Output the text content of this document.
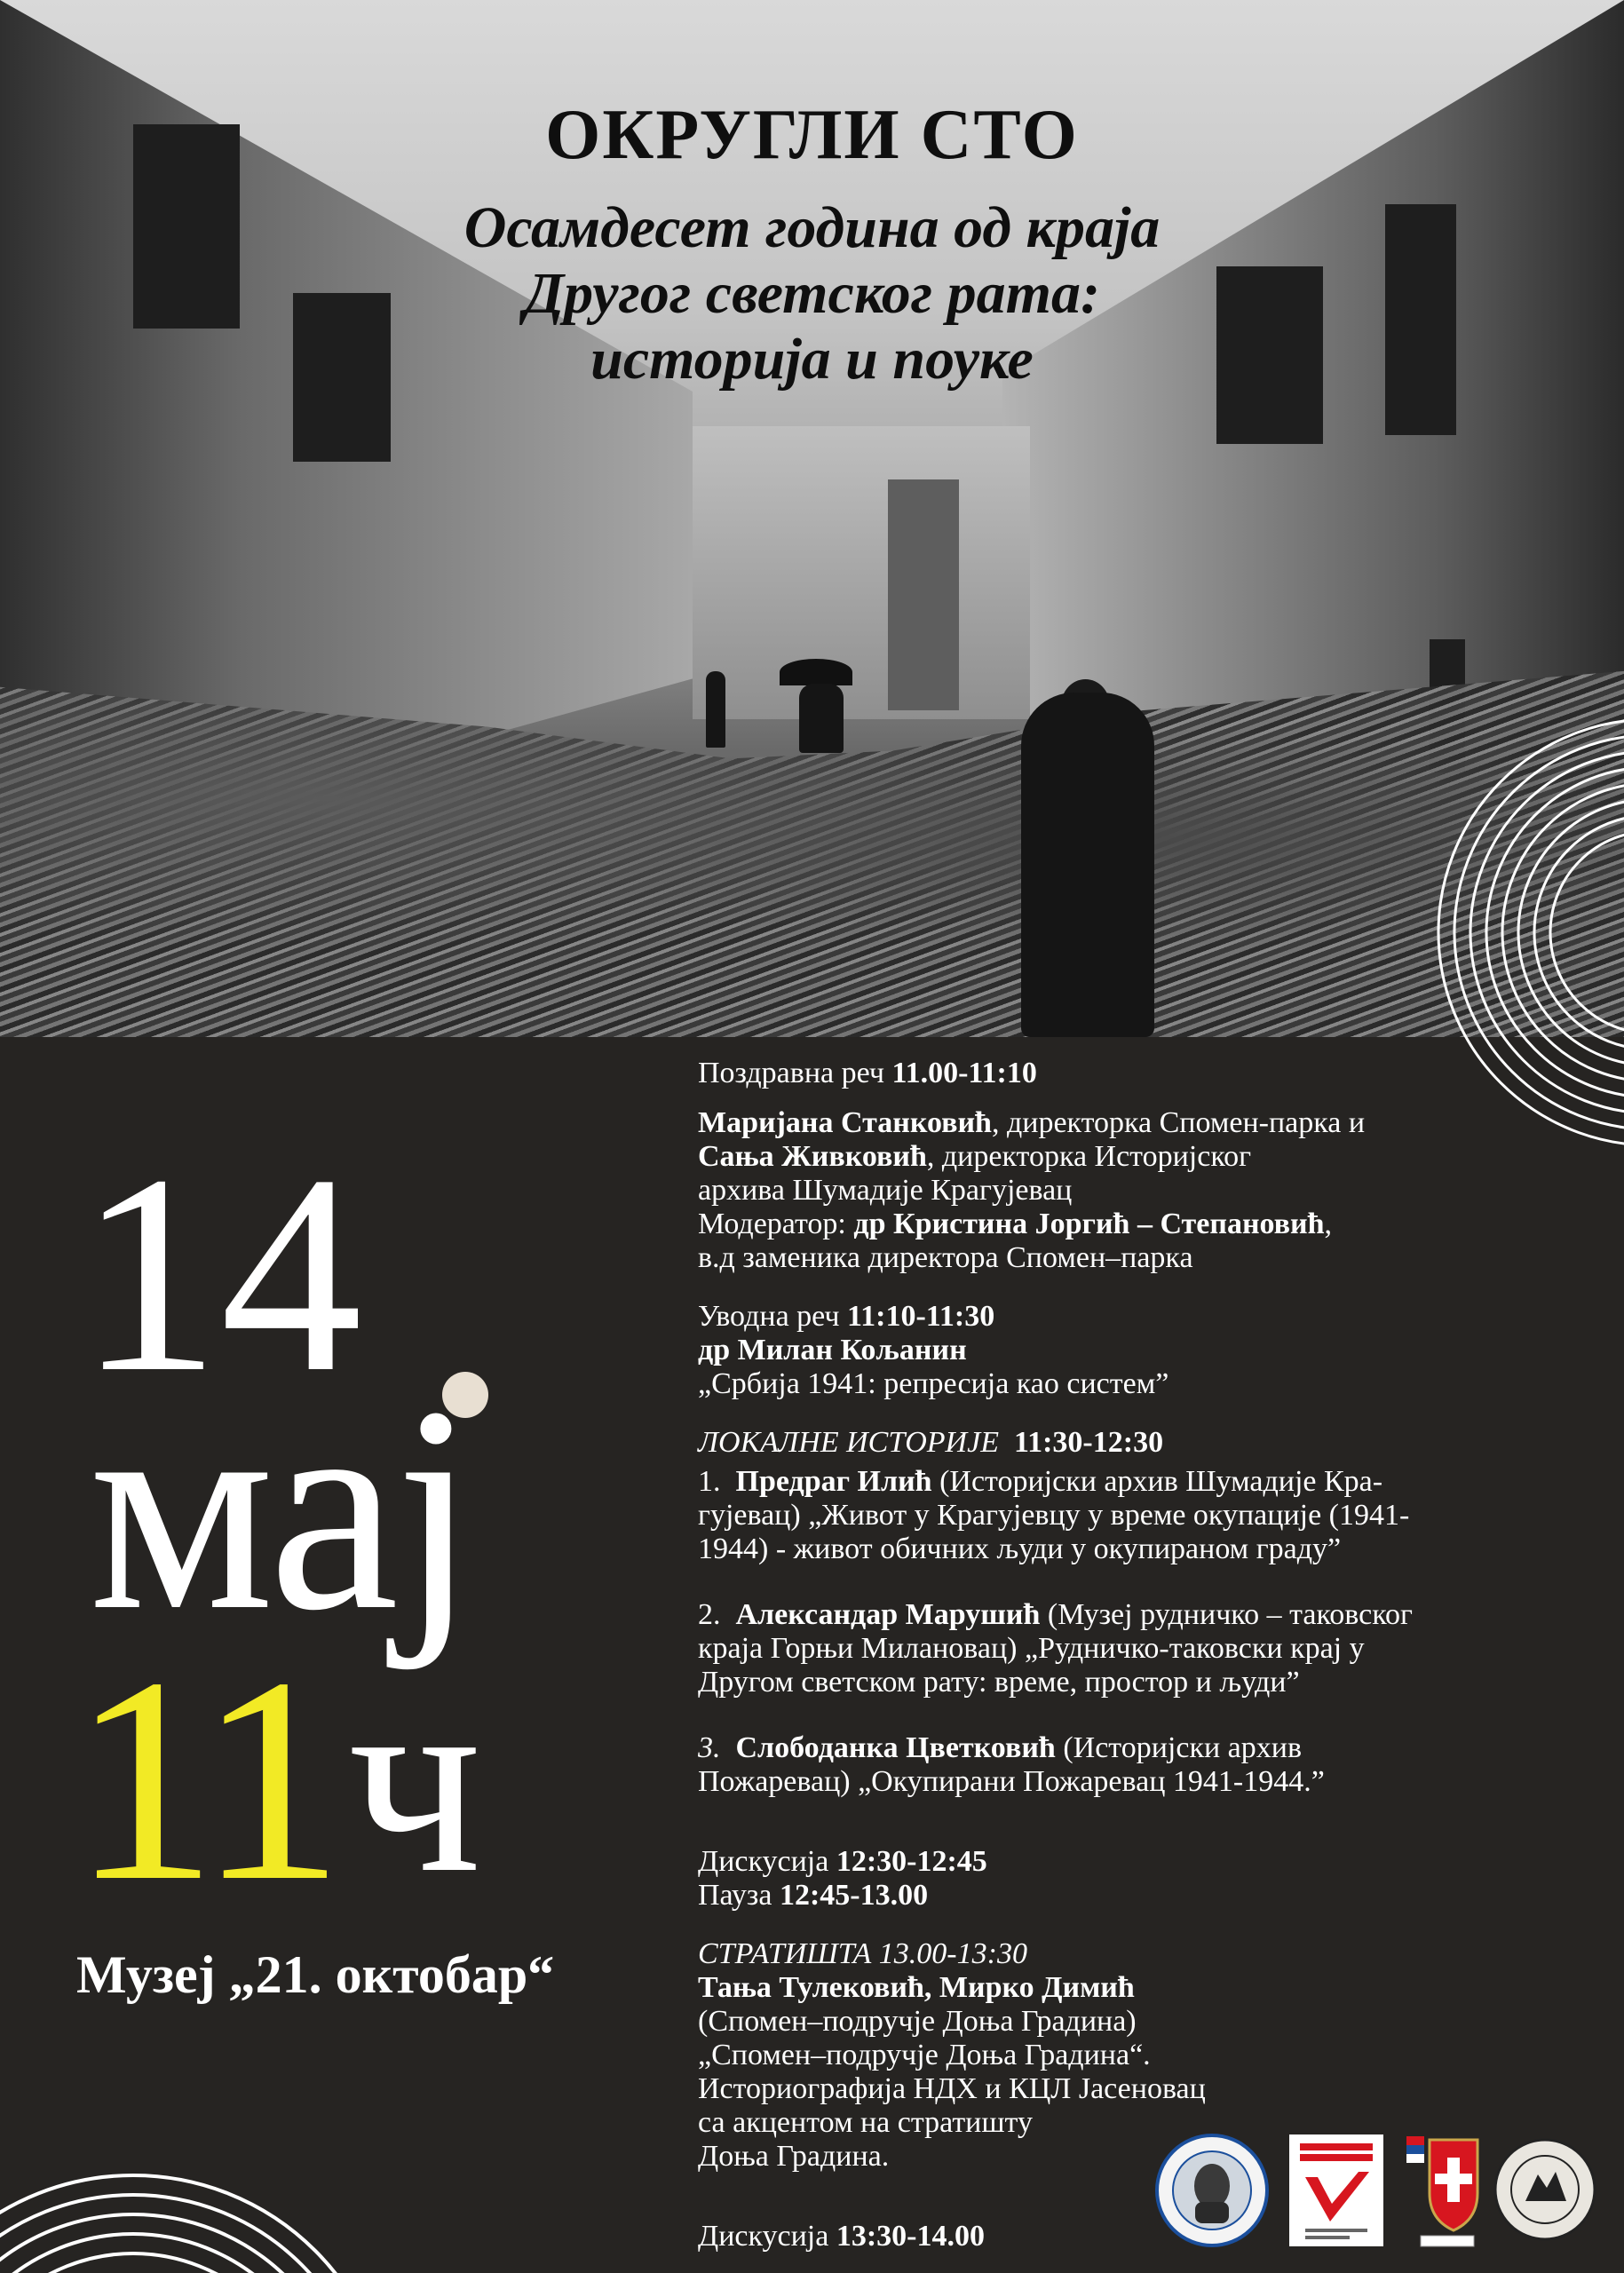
ОКРУГЛИ СТО
Осамдесет година од краја
Другог светског рата:
историја и поуке
14
мај
11 ч
Музеј „21. октобар“
Поздравна реч 11.00-11:10
Маријана Станковић, директорка Спомен-парка и
Сања Живковић, директорка Историјског
архива Шумадије Крагујевац
Модератор: др Кристина Јоргић – Степановић,
в.д заменика директора Спомен–парка
Уводна реч 11:10-11:30
др Милан Кољанин
„Србија 1941: репресија као систем”
ЛОКАЛНЕ ИСТОРИЈЕ 11:30-12:30
1. Предраг Илић (Историјски архив Шумадије Кра-
гујевац) „Живот у Крагујевцу у време окупације (1941-
1944) - живот обичних људи у окупираном граду”
2. Александар Марушић (Музеј рудничко – таковског
краја Горњи Милановац) „Рудничко-таковски крај у
Другом светском рату: време, простор и људи”
3. Слободанка Цветковић (Историјски архив
Пожаревац) „Окупирани Пожаревац 1941-1944.”
Дискусија 12:30-12:45
Пауза 12:45-13.00
СТРАТИШТА 13.00-13:30
Тања Тулековић, Мирко Димић
(Спомен–подручје Доња Градина)
„Спомен–подручје Доња Градина“.
Историографија НДХ и КЦЛ Јасеновац
са акцентом на стратишту
Доња Градина.
Дискусија 13:30-14.00
